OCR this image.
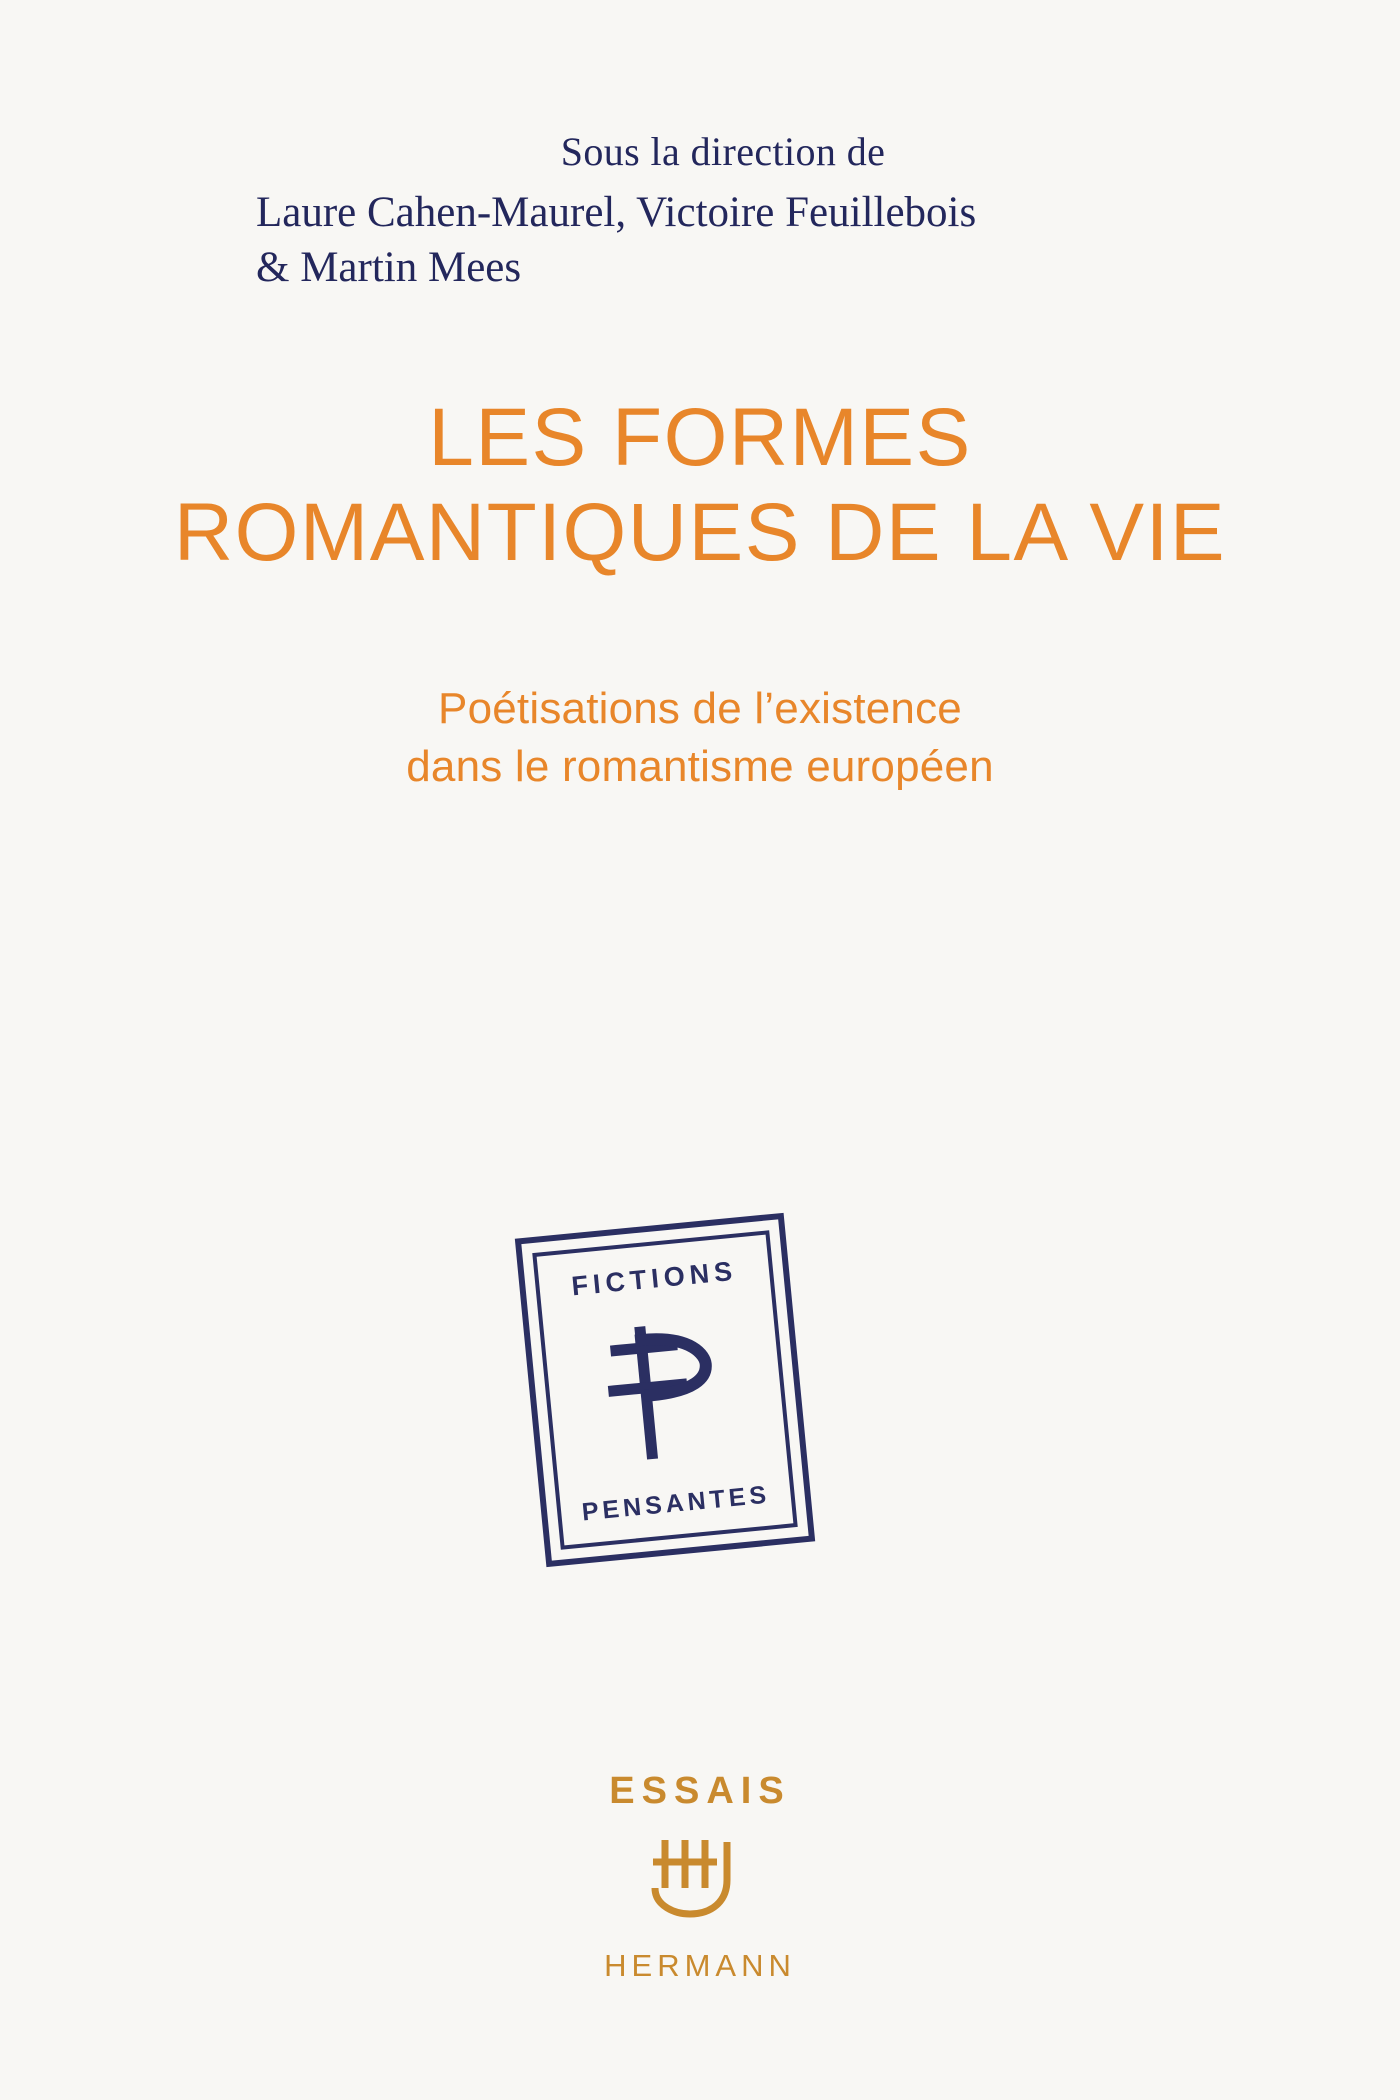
Sous la direction de

Laure Cahen-Maurel, Victoire Feuillebois

& Martin Mees

LES FORMES

ROMANTIQUES DE LA VIE

Poétisations de l’existence

dans le romantisme européen

FICTIONS
PENSANTES
ESSAIS
HERMANN
